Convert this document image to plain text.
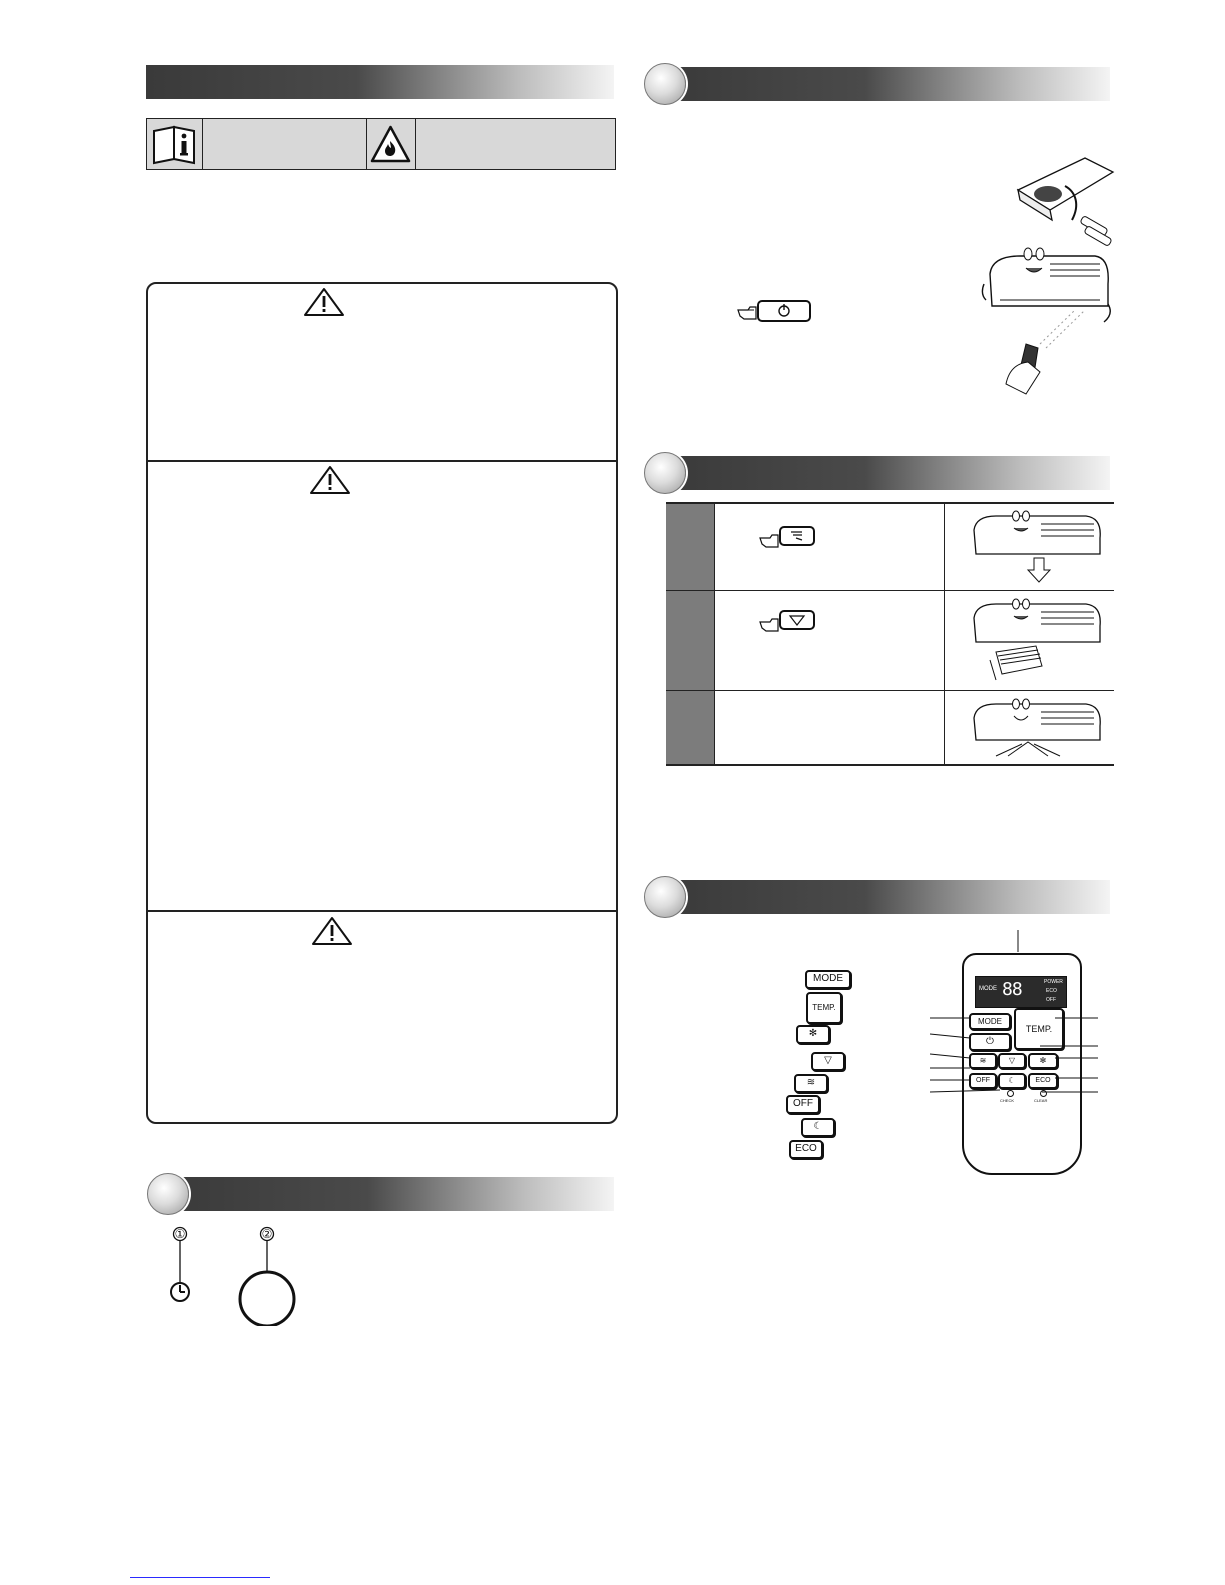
①	②
MODE
TEMP.
✻
▽
≋
OFF
☾
ECO
MODE 88	POWER
ECO
OFF
MODE
⏻
TEMP.
≋	▽	✻
OFF	☾	ECO
CHECK	CLEAR
